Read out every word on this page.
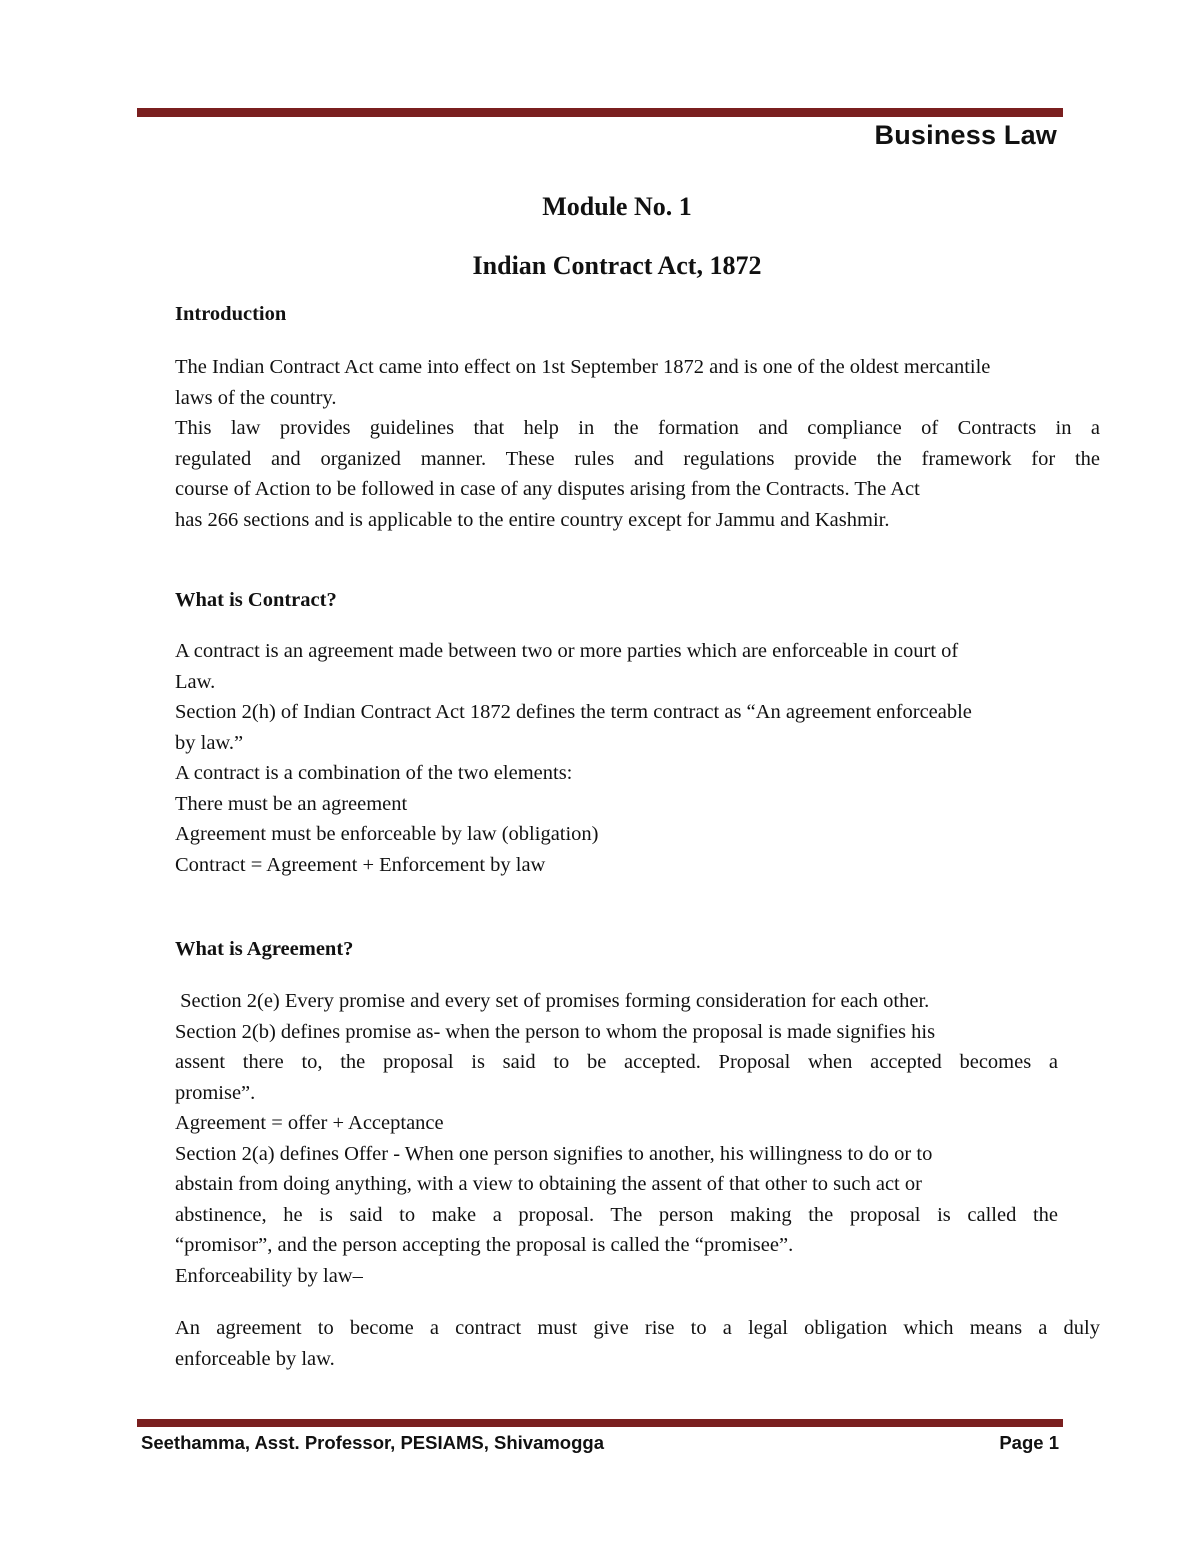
Business Law
Module No. 1
Indian Contract Act, 1872
Introduction
The Indian Contract Act came into effect on 1st September 1872 and is one of the oldest mercantile
laws of the country.
This law provides guidelines that help in the formation and compliance of Contracts in a
regulated and organized manner. These rules and regulations provide the framework for the
course of Action to be followed in case of any disputes arising from the Contracts. The Act
has 266 sections and is applicable to the entire country except for Jammu and Kashmir.
What is Contract?
A contract is an agreement made between two or more parties which are enforceable in court of
Law.
Section 2(h) of Indian Contract Act 1872 defines the term contract as “An agreement enforceable
by law.”
A contract is a combination of the two elements:
There must be an agreement
Agreement must be enforceable by law (obligation)
Contract = Agreement + Enforcement by law
What is Agreement?
Section 2(e) Every promise and every set of promises forming consideration for each other.
Section 2(b) defines promise as- when the person to whom the proposal is made signifies his
assent there to, the proposal is said to be accepted. Proposal when accepted becomes a
promise”.
Agreement = offer + Acceptance
Section 2(a) defines Offer - When one person signifies to another, his willingness to do or to
abstain from doing anything, with a view to obtaining the assent of that other to such act or
abstinence, he is said to make a proposal. The person making the proposal is called the
“promisor”, and the person accepting the proposal is called the “promisee”.
Enforceability by law–
An agreement to become a contract must give rise to a legal obligation which means a duly
enforceable by law.
Seethamma, Asst. Professor, PESIAMS, Shivamogga	Page 1
